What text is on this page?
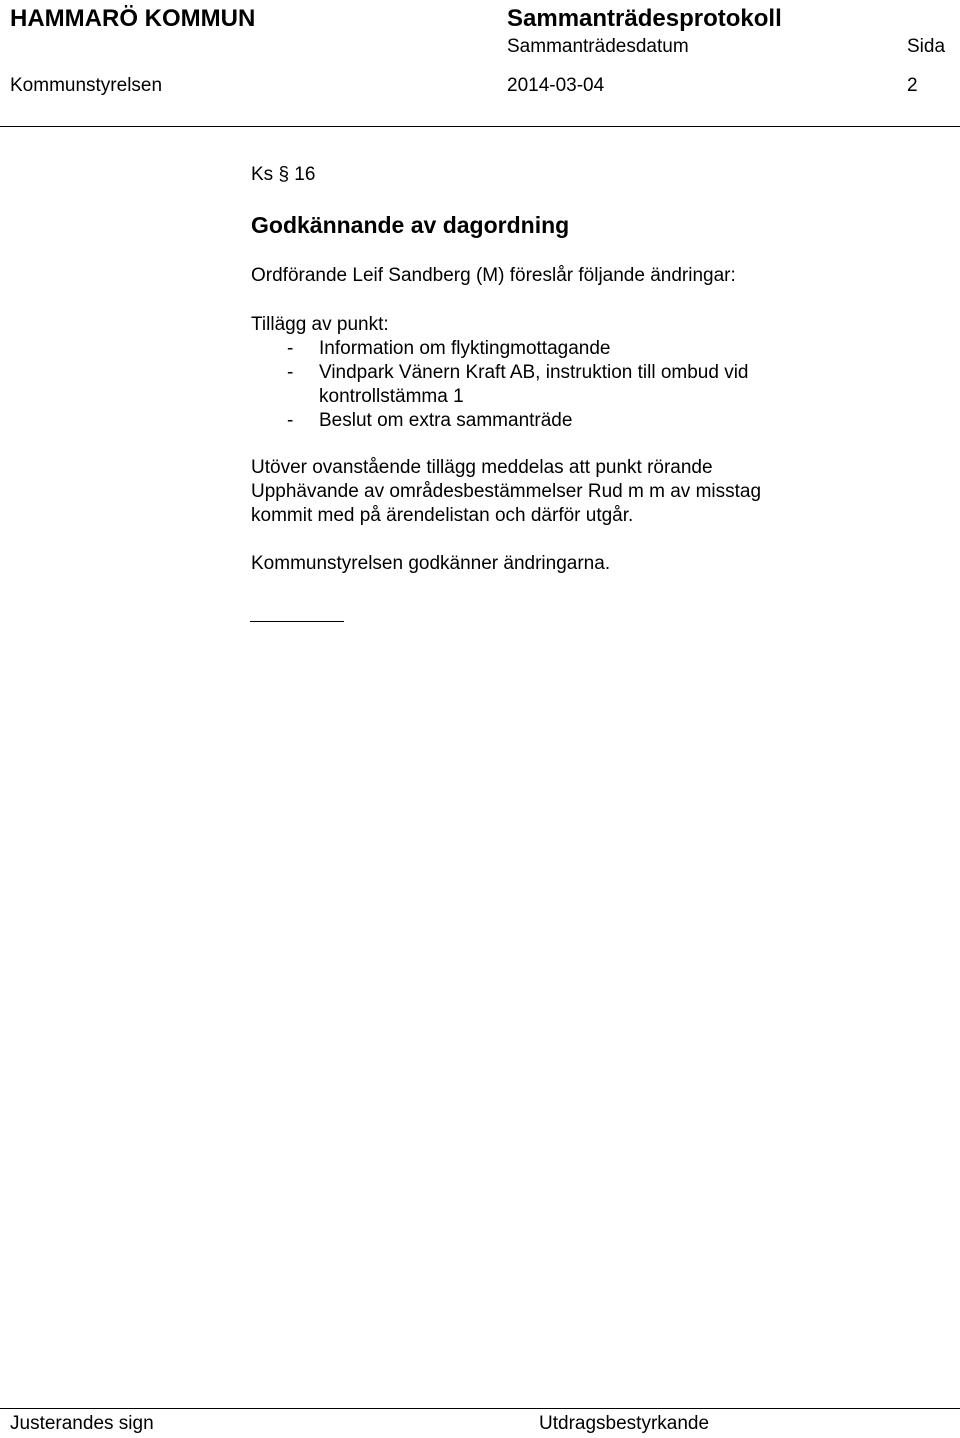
HAMMARÖ KOMMUN	Sammanträdesprotokoll
Sammanträdesdatum	Sida
Kommunstyrelsen	2014-03-04	2
Ks § 16
Godkännande av dagordning
Ordförande Leif Sandberg (M) föreslår följande ändringar:
Tillägg av punkt:
- Information om flyktingmottagande
- Vindpark Vänern Kraft AB, instruktion till ombud vid
kontrollstämma 1
- Beslut om extra sammanträde
Utöver ovanstående tillägg meddelas att punkt rörande
Upphävande av områdesbestämmelser Rud m m av misstag
kommit med på ärendelistan och därför utgår.
Kommunstyrelsen godkänner ändringarna.
Justerandes sign	Utdragsbestyrkande
